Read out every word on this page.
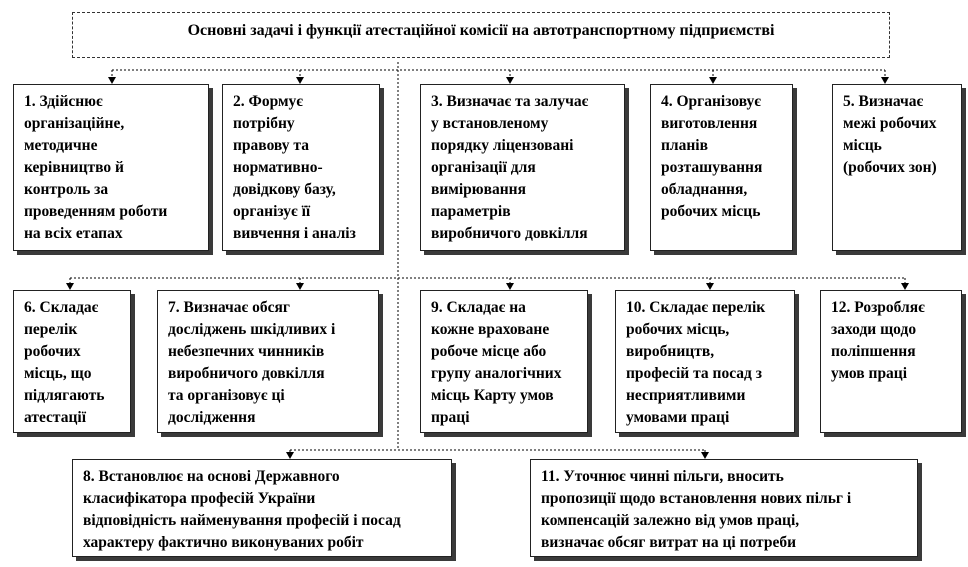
Основні задачі і функції атестаційної комісії на автотранспортному підприємстві
1. Здійснює
організаційне,
методичне
керівництво й
контроль за
проведенням роботи
на всіх етапах
2. Формує
потрібну
правову та
нормативно-
довідкову базу,
організує її
вивчення і аналіз
3. Визначає та залучає
у встановленому
порядку ліцензовані
організації для
вимірювання
параметрів
виробничого довкілля
4. Організовує
виготовлення
планів
розташування
обладнання,
робочих місць
5. Визначає
межі робочих
місць
(робочих зон)
6. Складає
перелік
робочих
місць, що
підлягають
атестації
7. Визначає обсяг
досліджень шкідливих і
небезпечних чинників
виробничого довкілля
та організовує ці
дослідження
9. Складає на
кожне враховане
робоче місце або
групу аналогічних
місць Карту умов
праці
10. Складає перелік
робочих місць,
виробництв,
професій та посад з
несприятливими
умовами праці
12. Розробляє
заходи щодо
поліпшення
умов праці
8. Встановлює на основі Державного
класифікатора професій України
відповідність найменування професій і посад
характеру фактично виконуваних робіт
11. Уточнює чинні пільги, вносить
пропозиції щодо встановлення нових пільг і
компенсацій залежно від умов праці,
визначає обсяг витрат на ці потреби
